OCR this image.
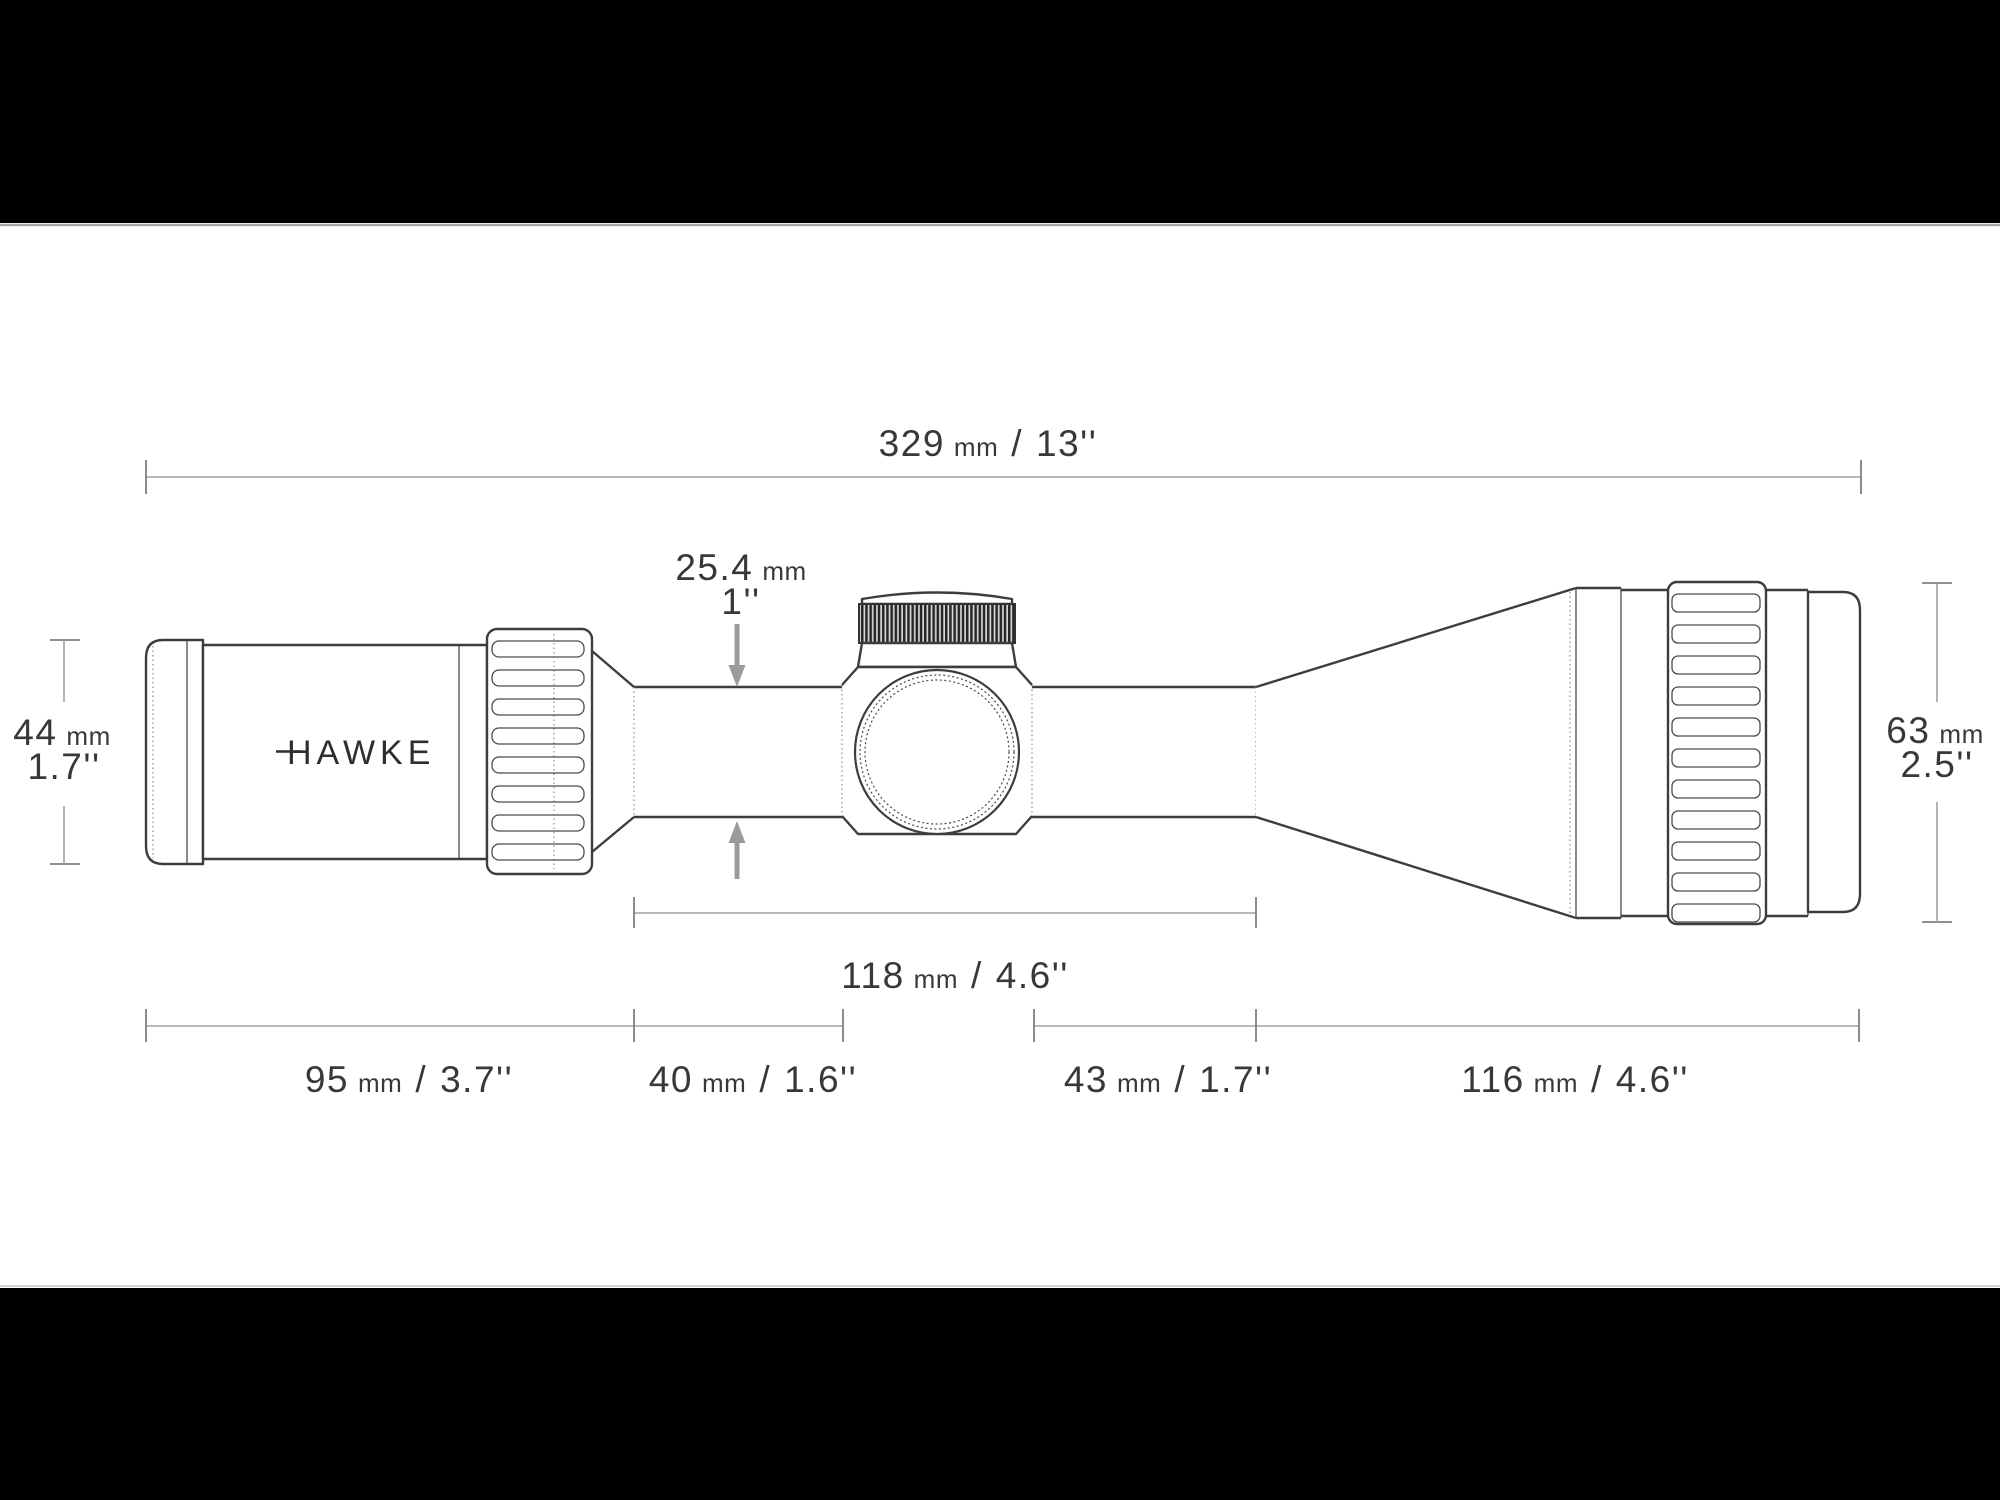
HAWKE
329 mm / 13''
25.4 mm
1''
44 mm
1.7''
63 mm
2.5''
118 mm / 4.6''
95 mm / 3.7''	40 mm / 1.6''	43 mm / 1.7''	116 mm / 4.6''
